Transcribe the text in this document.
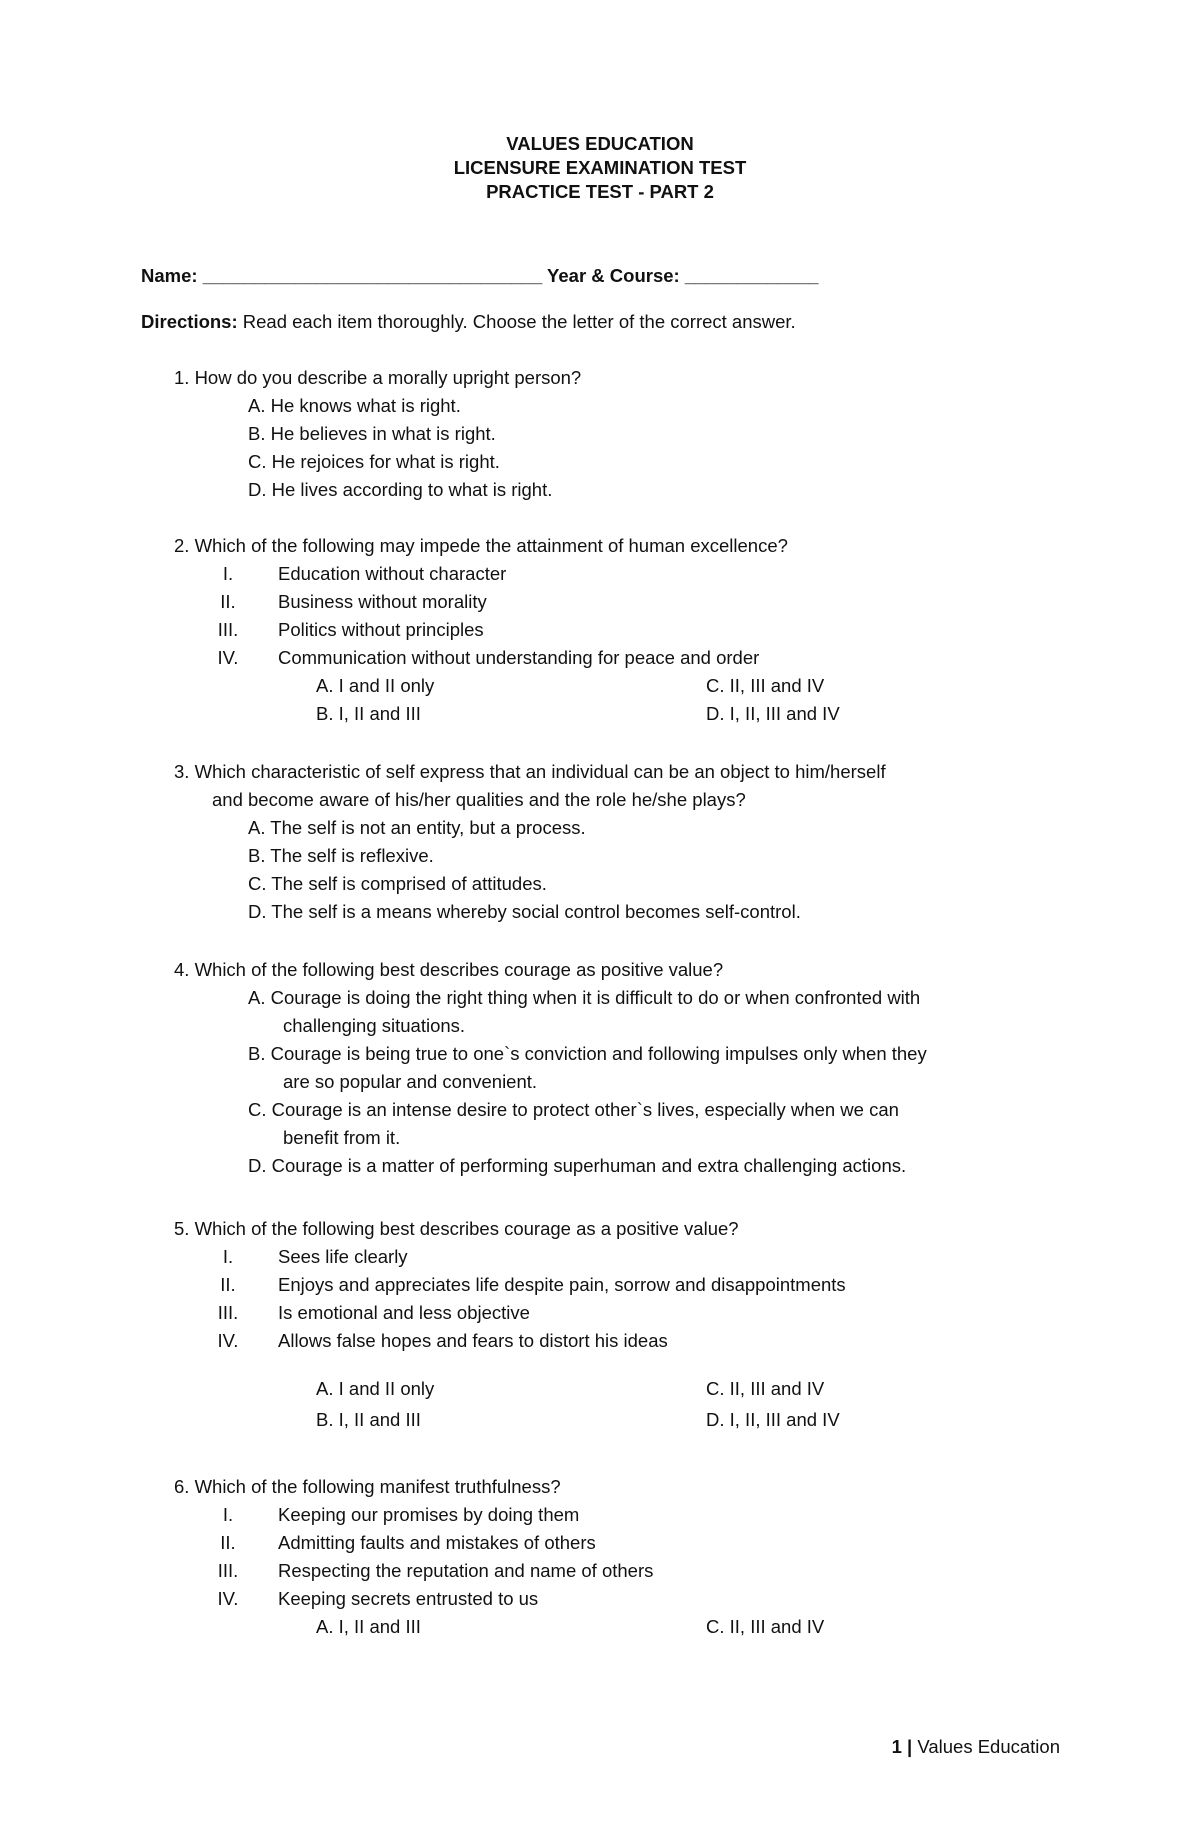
VALUES EDUCATION
LICENSURE EXAMINATION TEST
PRACTICE TEST - PART 2
Name: _________________________________ Year & Course: _____________
Directions: Read each item thoroughly. Choose the letter of the correct answer.
1. How do you describe a morally upright person?
A. He knows what is right.
B. He believes in what is right.
C. He rejoices for what is right.
D. He lives according to what is right.
2. Which of the following may impede the attainment of human excellence?
I.	Education without character
II.	Business without morality
III.	Politics without principles
IV.	Communication without understanding for peace and order
A. I and II only	C. II, III and IV
B. I, II and III	D. I, II, III and IV
3. Which characteristic of self express that an individual can be an object to him/herself
and become aware of his/her qualities and the role he/she plays?
A. The self is not an entity, but a process.
B. The self is reflexive.
C. The self is comprised of attitudes.
D. The self is a means whereby social control becomes self-control.
4. Which of the following best describes courage as positive value?
A. Courage is doing the right thing when it is difficult to do or when confronted with
challenging situations.
B. Courage is being true to one`s conviction and following impulses only when they
are so popular and convenient.
C. Courage is an intense desire to protect other`s lives, especially when we can
benefit from it.
D. Courage is a matter of performing superhuman and extra challenging actions.
5. Which of the following best describes courage as a positive value?
I.	Sees life clearly
II.	Enjoys and appreciates life despite pain, sorrow and disappointments
III.	Is emotional and less objective
IV.	Allows false hopes and fears to distort his ideas
A. I and II only	C. II, III and IV
B. I, II and III	D. I, II, III and IV
6. Which of the following manifest truthfulness?
I.	Keeping our promises by doing them
II.	Admitting faults and mistakes of others
III.	Respecting the reputation and name of others
IV.	Keeping secrets entrusted to us
A. I, II and III	C. II, III and IV
1 | Values Education
